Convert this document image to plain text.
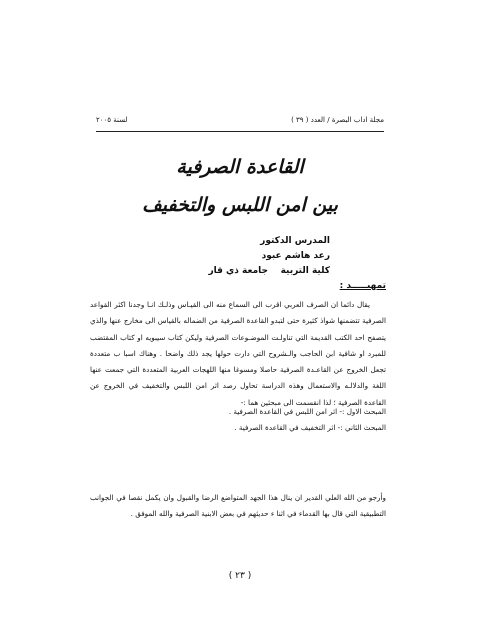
مجلة اداب البصرة / العدد ( ٣٩ )
لسنة ٢٠٠٥
القاعدة الصرفية
بين امن اللبس والتخفيف
المدرس الدكتور
رعد هاشم عبود
كلية التربية    جامعة ذي قار
تمهيـــــد :
يقال دائما ان الصرف العربي اقرب الى السماع منه الى القيـاس وذلـك انـا وجدنا اكثر القواعد الصرفية تتضمنها شواذ كثيرة حتى لتبدو القاعدة الصرفية من الضماله بالقياس الى مخارج عنها والذي يتصفح احد الكتب القديمة التي تناولـت الموضـوعات الصرفية وليكن كتاب سيبويه او كتاب المقتضب للمبرد او شافية ابن الحاجب والـشروح التي دارت حولها يجد ذلك واضحا . وهناك اسبا ب متعددة تجعل الخروج عن القاعـدة الصرفية حاصلا ومسوغا منها اللهجات العربية المتعددة التي جمعت عنها اللغة والدلالـه والاستعمال وهذه الدراسة تحاول رصد اثر امن اللبس والتخفيف في الخروج عن القاعدة الصرفية ؛ لذا انقسمت الى مبحثين هما :-
المبحث الاول :- اثر امن اللبس في القاعدة الصرفية .
المبحث الثاني :- اثر التخفيف في القاعدة الصرفية .
وأرجو من الله العلي القدير ان ينال هذا الجهد المتواضع الرضا والقبول وان يكمل نقصا في الجوانب التطبيقية التي قال بها القدماء في اثنا ء حديثهم في بعض الابنية الصرفية والله الموفق .
( ٢٣ )
